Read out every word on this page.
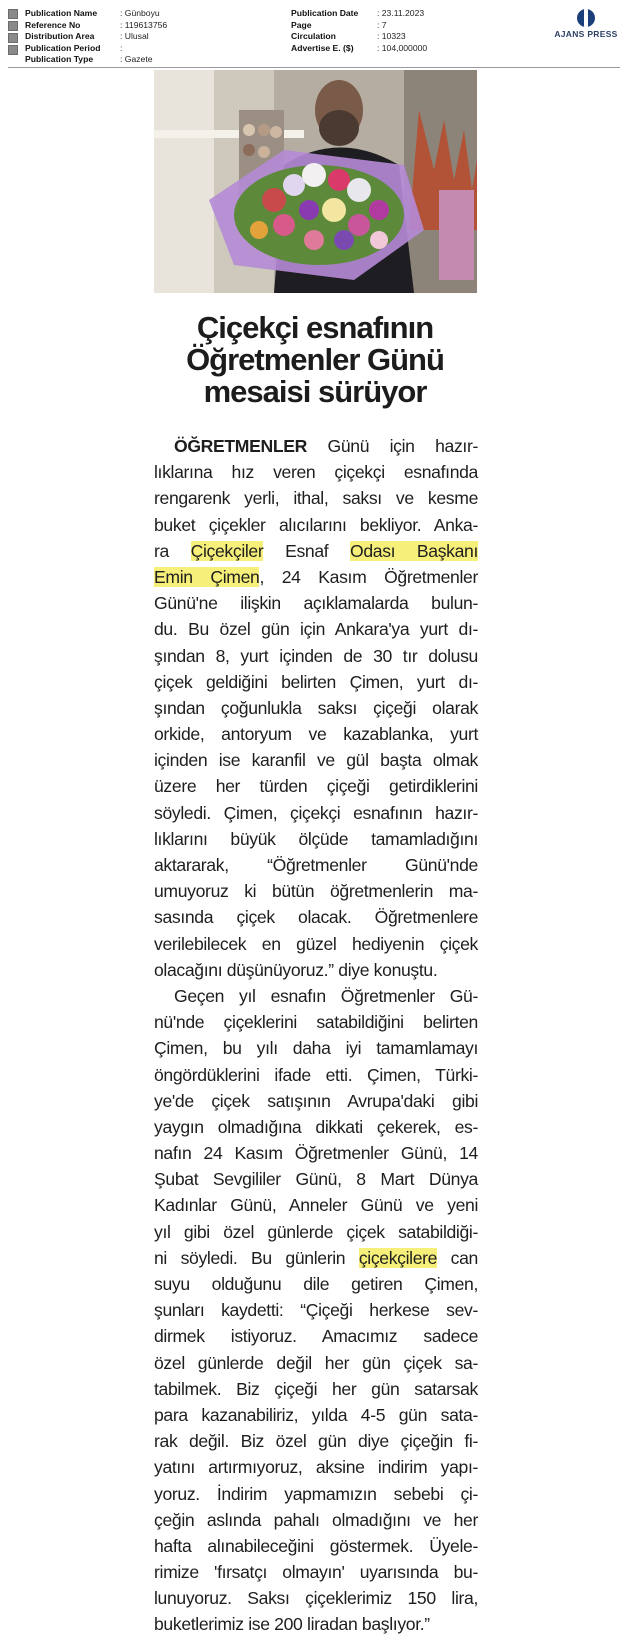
Publication Name	: Günboyu
Reference No	: 119613756
Distribution Area	: Ulusal
Publication Period :
Publication Type	: Gazete
Publication Date : 23.11.2023
Page	: 7
Circulation	: 10323
Advertise E. ($)	: 104,000000
AJANS PRESS
Çiçekçi esnafının
Öğretmenler Günü
mesaisi sürüyor
ÖĞRETMENLER Günü için hazır-
lıklarına hız veren çiçekçi esnafında
rengarenk yerli, ithal, saksı ve kesme
buket çiçekler alıcılarını bekliyor. Anka-
ra Çiçekçiler Esnaf Odası Başkanı
Emin Çimen, 24 Kasım Öğretmenler
Günü'ne ilişkin açıklamalarda bulun-
du. Bu özel gün için Ankara'ya yurt dı-
şından 8, yurt içinden de 30 tır dolusu
çiçek geldiğini belirten Çimen, yurt dı-
şından çoğunlukla saksı çiçeği olarak
orkide, antoryum ve kazablanka, yurt
içinden ise karanfil ve gül başta olmak
üzere her türden çiçeği getirdiklerini
söyledi. Çimen, çiçekçi esnafının hazır-
lıklarını büyük ölçüde tamamladığını
aktararak, “Öğretmenler Günü'nde
umuyoruz ki bütün öğretmenlerin ma-
sasında çiçek olacak. Öğretmenlere
verilebilecek en güzel hediyenin çiçek
olacağını düşünüyoruz.” diye konuştu.
Geçen yıl esnafın Öğretmenler Gü-
nü'nde çiçeklerini satabildiğini belirten
Çimen, bu yılı daha iyi tamamlamayı
öngördüklerini ifade etti. Çimen, Türki-
ye'de çiçek satışının Avrupa'daki gibi
yaygın olmadığına dikkati çekerek, es-
nafın 24 Kasım Öğretmenler Günü, 14
Şubat Sevgililer Günü, 8 Mart Dünya
Kadınlar Günü, Anneler Günü ve yeni
yıl gibi özel günlerde çiçek satabildiği-
ni söyledi. Bu günlerin çiçekçilere can
suyu olduğunu dile getiren Çimen,
şunları kaydetti: “Çiçeği herkese sev-
dirmek istiyoruz. Amacımız sadece
özel günlerde değil her gün çiçek sa-
tabilmek. Biz çiçeği her gün satarsak
para kazanabiliriz, yılda 4-5 gün sata-
rak değil. Biz özel gün diye çiçeğin fi-
yatını artırmıyoruz, aksine indirim yapı-
yoruz. İndirim yapmamızın sebebi çi-
çeğin aslında pahalı olmadığını ve her
hafta alınabileceğini göstermek. Üyele-
rimize 'fırsatçı olmayın' uyarısında bu-
lunuyoruz. Saksı çiçeklerimiz 150 lira,
buketlerimiz ise 200 liradan başlıyor.”
